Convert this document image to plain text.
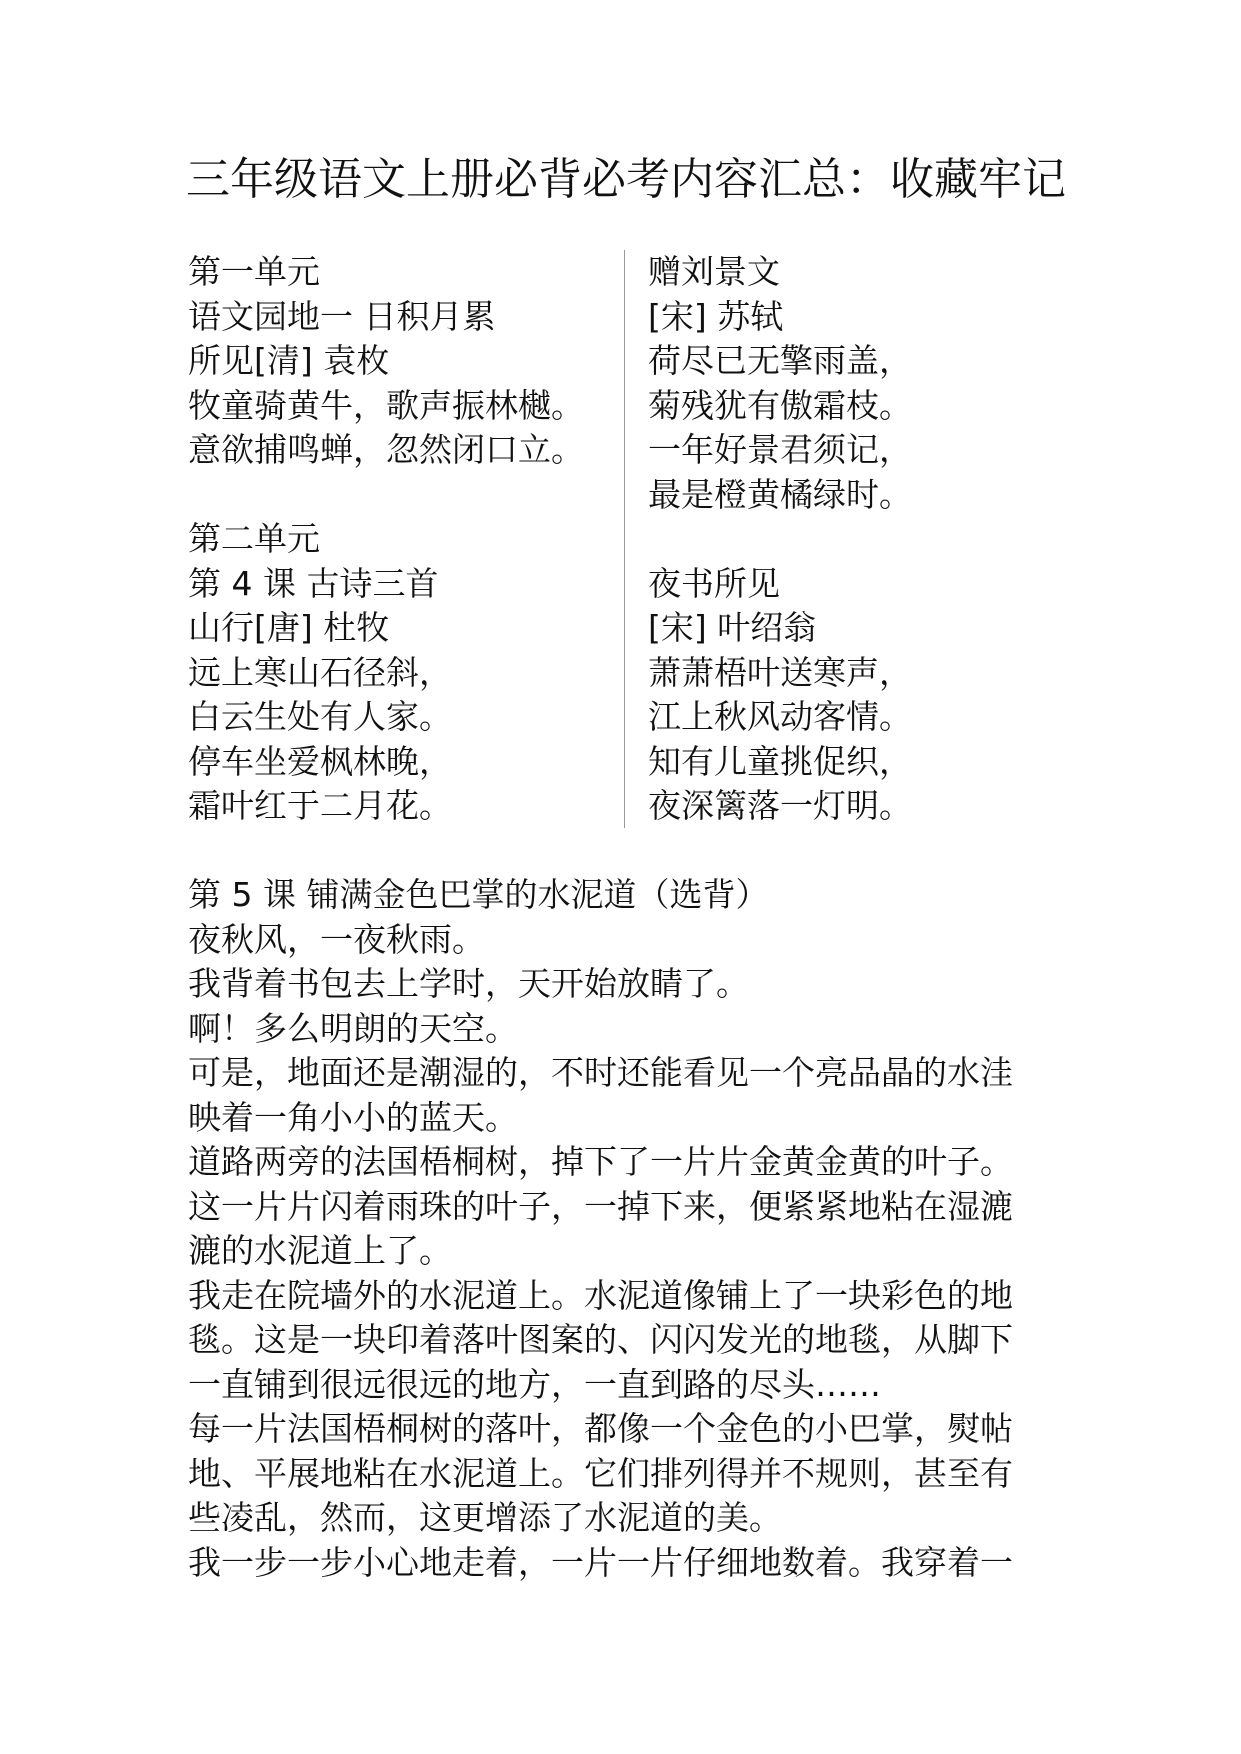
三年级语文上册必背必考内容汇总：收藏牢记
第一单元
语文园地一 日积月累
所见[清] 袁枚
牧童骑黄牛，歌声振林樾。
意欲捕鸣蝉，忽然闭口立。
第二单元
第 4 课 古诗三首
山行[唐] 杜牧
远上寒山石径斜，
白云生处有人家。
停车坐爱枫林晚，
霜叶红于二月花。
赠刘景文
[宋] 苏轼
荷尽已无擎雨盖，
菊残犹有傲霜枝。
一年好景君须记，
最是橙黄橘绿时。
夜书所见
[宋] 叶绍翁
萧萧梧叶送寒声，
江上秋风动客情。
知有儿童挑促织，
夜深篱落一灯明。
第 5 课 铺满金色巴掌的水泥道（选背）
夜秋风，一夜秋雨。
我背着书包去上学时，天开始放睛了。
啊！多么明朗的天空。
可是，地面还是潮湿的，不时还能看见一个亮品晶的水洼
映着一角小小的蓝天。
道路两旁的法国梧桐树，掉下了一片片金黄金黄的叶子。
这一片片闪着雨珠的叶子，一掉下来，便紧紧地粘在湿漉
漉的水泥道上了。
我走在院墙外的水泥道上。水泥道像铺上了一块彩色的地
毯。这是一块印着落叶图案的、闪闪发光的地毯，从脚下
一直铺到很远很远的地方，一直到路的尽头……
每一片法国梧桐树的落叶，都像一个金色的小巴掌，熨帖
地、平展地粘在水泥道上。它们排列得并不规则，甚至有
些凌乱，然而，这更增添了水泥道的美。
我一步一步小心地走着，一片一片仔细地数着。我穿着一
